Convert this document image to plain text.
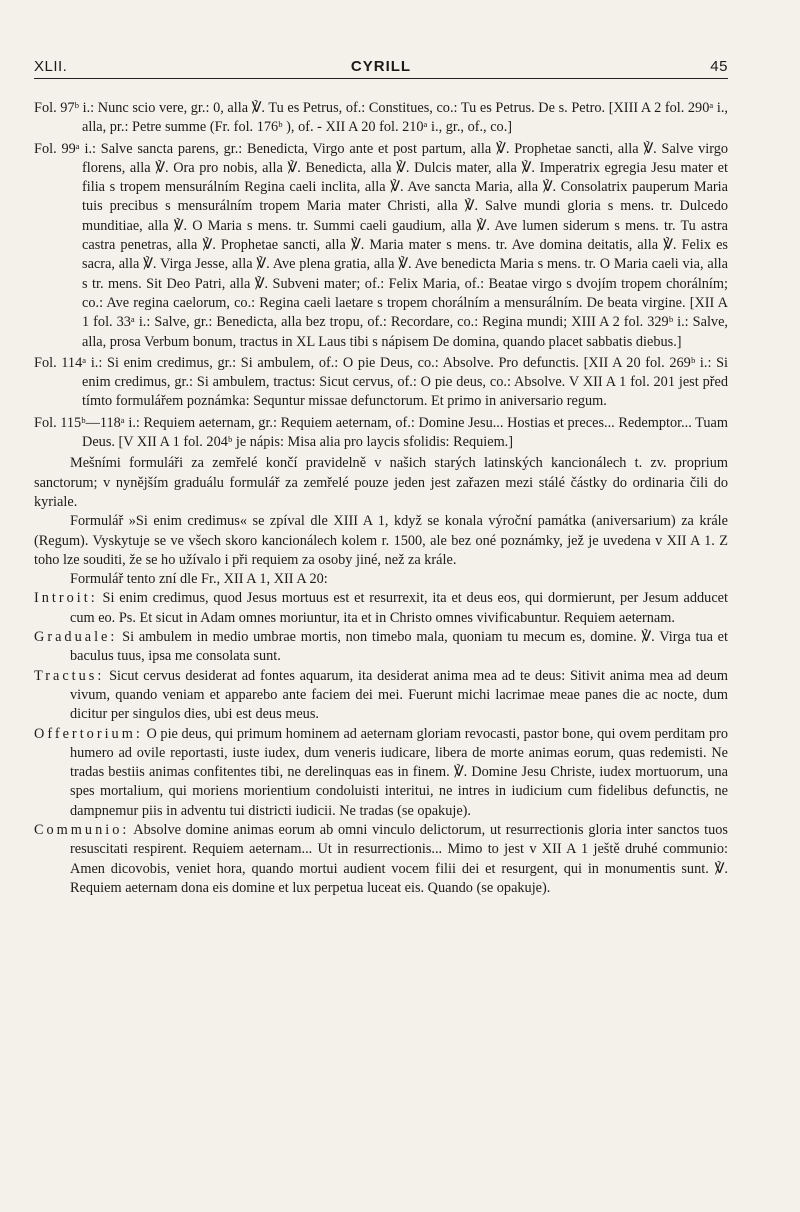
XLII.	CYRILL	45

Fol. 97ᵇ i.: Nunc scio vere, gr.: 0, alla ℣. Tu es Petrus, of.: Constitues, co.: Tu es Petrus. De s. Petro. [XIII A 2 fol. 290ᵃ i., alla, pr.: Petre summe (Fr. fol. 176ᵇ ), of. - XII A 20 fol. 210ᵃ i., gr., of., co.]

Fol. 99ᵃ i.: Salve sancta parens, gr.: Benedicta, Virgo ante et post partum, alla ℣. Prophetae sancti, alla ℣. Salve virgo florens, alla ℣. Ora pro nobis, alla ℣. Benedicta, alla ℣. Dulcis mater, alla ℣. Imperatrix egregia Jesu mater et filia s tropem mensurálním Regina caeli inclita, alla ℣. Ave sancta Maria, alla ℣. Consolatrix pauperum Maria tuis precibus s mensurálním tropem Maria mater Christi, alla ℣. Salve mundi gloria s mens. tr. Dulcedo munditiae, alla ℣. O Maria s mens. tr. Summi caeli gaudium, alla ℣. Ave lumen siderum s mens. tr. Tu astra castra penetras, alla ℣. Prophetae sancti, alla ℣. Maria mater s mens. tr. Ave domina deitatis, alla ℣. Felix es sacra, alla ℣. Virga Jesse, alla ℣. Ave plena gratia, alla ℣. Ave benedicta Maria s mens. tr. O Maria caeli via, alla s tr. mens. Sit Deo Patri, alla ℣. Subveni mater; of.: Felix Maria, of.: Beatae virgo s dvojím tropem chorálním; co.: Ave regina caelorum, co.: Regina caeli laetare s tropem chorálním a mensurálním. De beata virgine. [XII A 1 fol. 33ᵃ i.: Salve, gr.: Benedicta, alla bez tropu, of.: Recordare, co.: Regina mundi; XIII A 2 fol. 329ᵇ i.: Salve, alla, prosa Verbum bonum, tractus in XL Laus tibi s nápisem De domina, quando placet sabbatis diebus.]

Fol. 114ᵃ i.: Si enim credimus, gr.: Si ambulem, of.: O pie Deus, co.: Absolve. Pro defunctis. [XII A 20 fol. 269ᵇ i.: Si enim credimus, gr.: Si ambulem, tractus: Sicut cervus, of.: O pie deus, co.: Absolve. V XII A 1 fol. 201 jest před tímto formulářem poznámka: Sequntur missae defunctorum. Et primo in aniversario regum.

Fol. 115ᵇ—118ᵃ i.: Requiem aeternam, gr.: Requiem aeternam, of.: Domine Jesu... Hostias et preces... Redemptor... Tuam Deus. [V XII A 1 fol. 204ᵇ je nápis: Misa alia pro laycis sfolidis: Requiem.]

Mešními formuláři za zemřelé končí pravidelně v našich starých latinských kancionálech t. zv. proprium sanctorum; v nynějším graduálu formulář za zemřelé pouze jeden jest zařazen mezi stálé částky do ordinaria čili do kyriale.

Formulář »Si enim credimus« se zpíval dle XIII A 1, když se konala výroční památka (aniversarium) za krále (Regum). Vyskytuje se ve všech skoro kancionálech kolem r. 1500, ale bez oné poznámky, jež je uvedena v XII A 1. Z toho lze souditi, že se ho užívalo i při requiem za osoby jiné, než za krále.

Formulář tento zní dle Fr., XII A 1, XII A 20:

Introit: Si enim credimus, quod Jesus mortuus est et resurrexit, ita et deus eos, qui dormierunt, per Jesum adducet cum eo. Ps. Et sicut in Adam omnes moriuntur, ita et in Christo omnes vivificabuntur. Requiem aeternam.

Graduale: Si ambulem in medio umbrae mortis, non timebo mala, quoniam tu mecum es, domine. ℣. Virga tua et baculus tuus, ipsa me consolata sunt.

Tractus: Sicut cervus desiderat ad fontes aquarum, ita desiderat anima mea ad te deus: Sitivit anima mea ad deum vivum, quando veniam et apparebo ante faciem dei mei. Fuerunt michi lacrimae meae panes die ac nocte, dum dicitur per singulos dies, ubi est deus meus.

Offertorium: O pie deus, qui primum hominem ad aeternam gloriam revocasti, pastor bone, qui ovem perditam pro humero ad ovile reportasti, iuste iudex, dum veneris iudicare, libera de morte animas eorum, quas redemisti. Ne tradas bestiis animas confitentes tibi, ne derelinquas eas in finem. ℣. Domine Jesu Christe, iudex mortuorum, una spes mortalium, qui moriens morientium condoluisti interitui, ne intres in iudicium cum fidelibus defunctis, ne dampnemur piis in adventu tui districti iudicii. Ne tradas (se opakuje).

Communio: Absolve domine animas eorum ab omni vinculo delictorum, ut resurrectionis gloria inter sanctos tuos resuscitati respirent. Requiem aeternam... Ut in resurrectionis... Mimo to jest v XII A 1 ještě druhé communio: Amen dicovobis, veniet hora, quando mortui audient vocem filii dei et resurgent, qui in monumentis sunt. ℣. Requiem aeternam dona eis domine et lux perpetua luceat eis. Quando (se opakuje).
